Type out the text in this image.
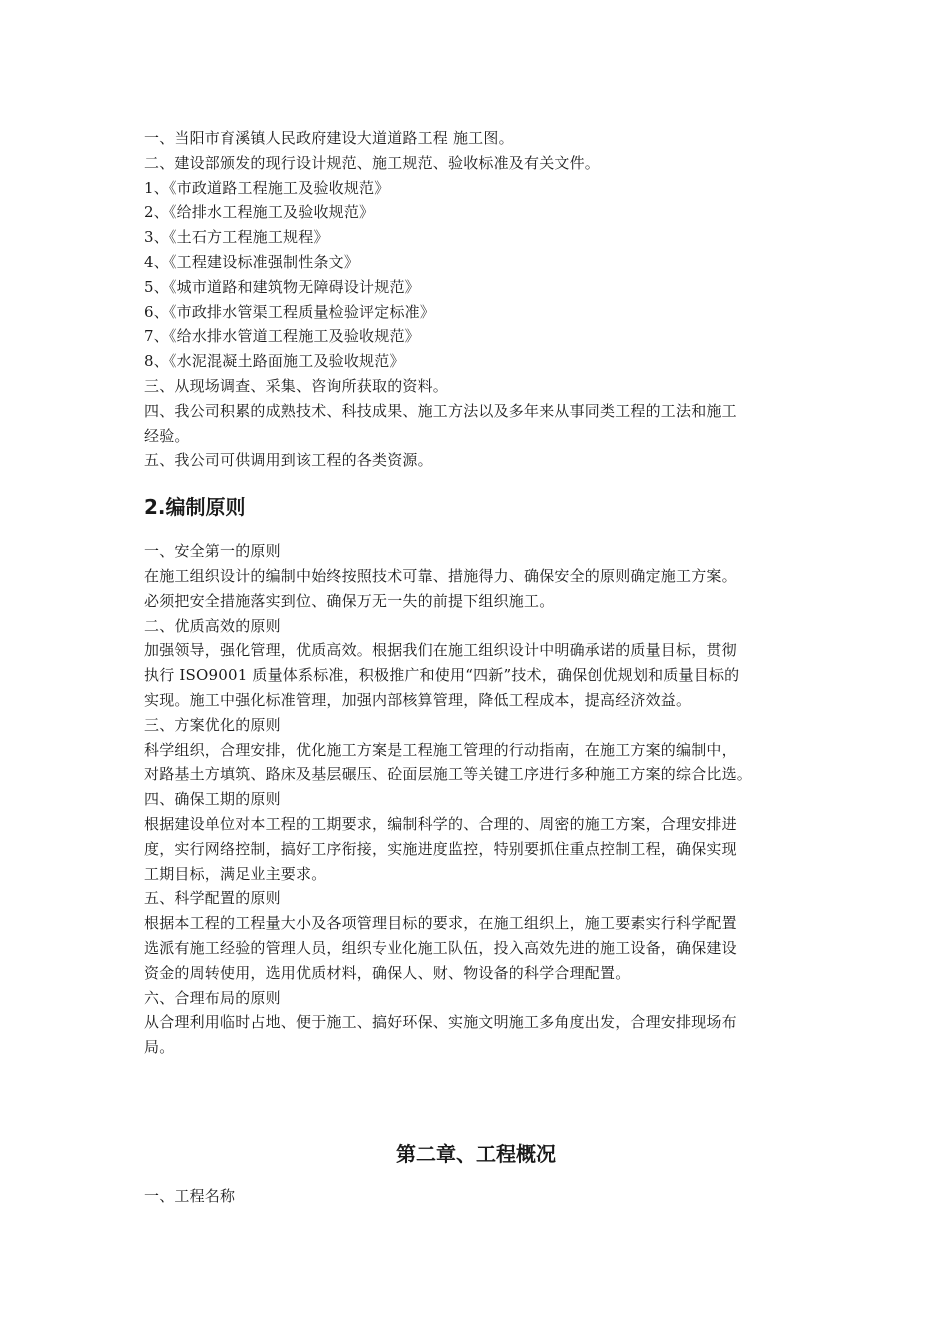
一、当阳市育溪镇人民政府建设大道道路工程 施工图。

二、建设部颁发的现行设计规范、施工规范、验收标准及有关文件。

1、《市政道路工程施工及验收规范》

2、《给排水工程施工及验收规范》

3、《土石方工程施工规程》

4、《工程建设标准强制性条文》

5、《城市道路和建筑物无障碍设计规范》

6、《市政排水管渠工程质量检验评定标准》

7、《给水排水管道工程施工及验收规范》

8、《水泥混凝土路面施工及验收规范》

三、从现场调查、采集、咨询所获取的资料。

四、我公司积累的成熟技术、科技成果、施工方法以及多年来从事同类工程的工法和施工

经验。

五、我公司可供调用到该工程的各类资源。

2.编制原则

一、安全第一的原则

在施工组织设计的编制中始终按照技术可靠、措施得力、确保安全的原则确定施工方案。

必须把安全措施落实到位、确保万无一失的前提下组织施工。

二、优质高效的原则

加强领导，强化管理，优质高效。根据我们在施工组织设计中明确承诺的质量目标，贯彻

执行 ISO9001 质量体系标准，积极推广和使用“四新”技术，确保创优规划和质量目标的

实现。施工中强化标准管理，加强内部核算管理，降低工程成本，提高经济效益。

三、方案优化的原则

科学组织，合理安排，优化施工方案是工程施工管理的行动指南，在施工方案的编制中，

对路基土方填筑、路床及基层碾压、砼面层施工等关键工序进行多种施工方案的综合比选。

四、确保工期的原则

根据建设单位对本工程的工期要求，编制科学的、合理的、周密的施工方案，合理安排进

度，实行网络控制，搞好工序衔接，实施进度监控，特别要抓住重点控制工程，确保实现

工期目标，满足业主要求。

五、科学配置的原则

根据本工程的工程量大小及各项管理目标的要求，在施工组织上，施工要素实行科学配置

选派有施工经验的管理人员，组织专业化施工队伍，投入高效先进的施工设备，确保建设

资金的周转使用，选用优质材料，确保人、财、物设备的科学合理配置。

六、合理布局的原则

从合理利用临时占地、便于施工、搞好环保、实施文明施工多角度出发，合理安排现场布

局。

第二章、工程概况

一、工程名称
